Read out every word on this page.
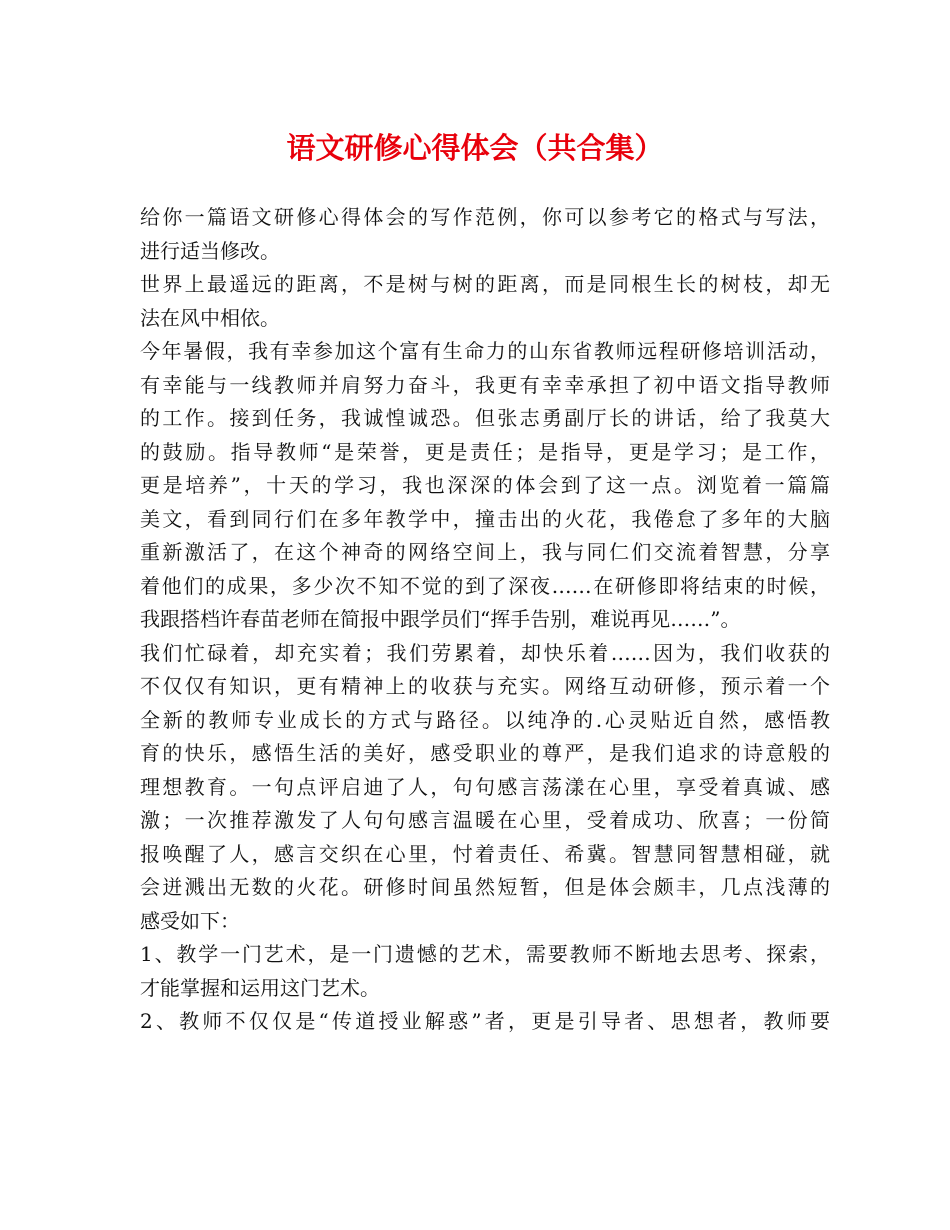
语文研修心得体会（共合集）
给你一篇语文研修心得体会的写作范例，你可以参考它的格式与写法，
进行适当修改。
世界上最遥远的距离，不是树与树的距离，而是同根生长的树枝，却无
法在风中相依。
今年暑假，我有幸参加这个富有生命力的山东省教师远程研修培训活动，
有幸能与一线教师并肩努力奋斗，我更有幸幸承担了初中语文指导教师
的工作。接到任务，我诚惶诚恐。但张志勇副厅长的讲话，给了我莫大
的鼓励。指导教师“是荣誉，更是责任；是指导，更是学习；是工作，
更是培养”，十天的学习，我也深深的体会到了这一点。浏览着一篇篇
美文，看到同行们在多年教学中，撞击出的火花，我倦怠了多年的大脑
重新激活了，在这个神奇的网络空间上，我与同仁们交流着智慧，分享
着他们的成果，多少次不知不觉的到了深夜……在研修即将结束的时候，
我跟搭档许春苗老师在简报中跟学员们“挥手告别，难说再见……”。
我们忙碌着，却充实着；我们劳累着，却快乐着……因为，我们收获的
不仅仅有知识，更有精神上的收获与充实。网络互动研修，预示着一个
全新的教师专业成长的方式与路径。以纯净的.心灵贴近自然，感悟教
育的快乐，感悟生活的美好，感受职业的尊严，是我们追求的诗意般的
理想教育。一句点评启迪了人，句句感言荡漾在心里，享受着真诚、感
激；一次推荐激发了人句句感言温暖在心里，受着成功、欣喜；一份简
报唤醒了人，感言交织在心里，忖着责任、希冀。智慧同智慧相碰，就
会迸溅出无数的火花。研修时间虽然短暂，但是体会颇丰，几点浅薄的
感受如下：
1、教学一门艺术，是一门遗憾的艺术，需要教师不断地去思考、探索，
才能掌握和运用这门艺术。
2、教师不仅仅是“传道授业解惑”者，更是引导者、思想者，教师要
